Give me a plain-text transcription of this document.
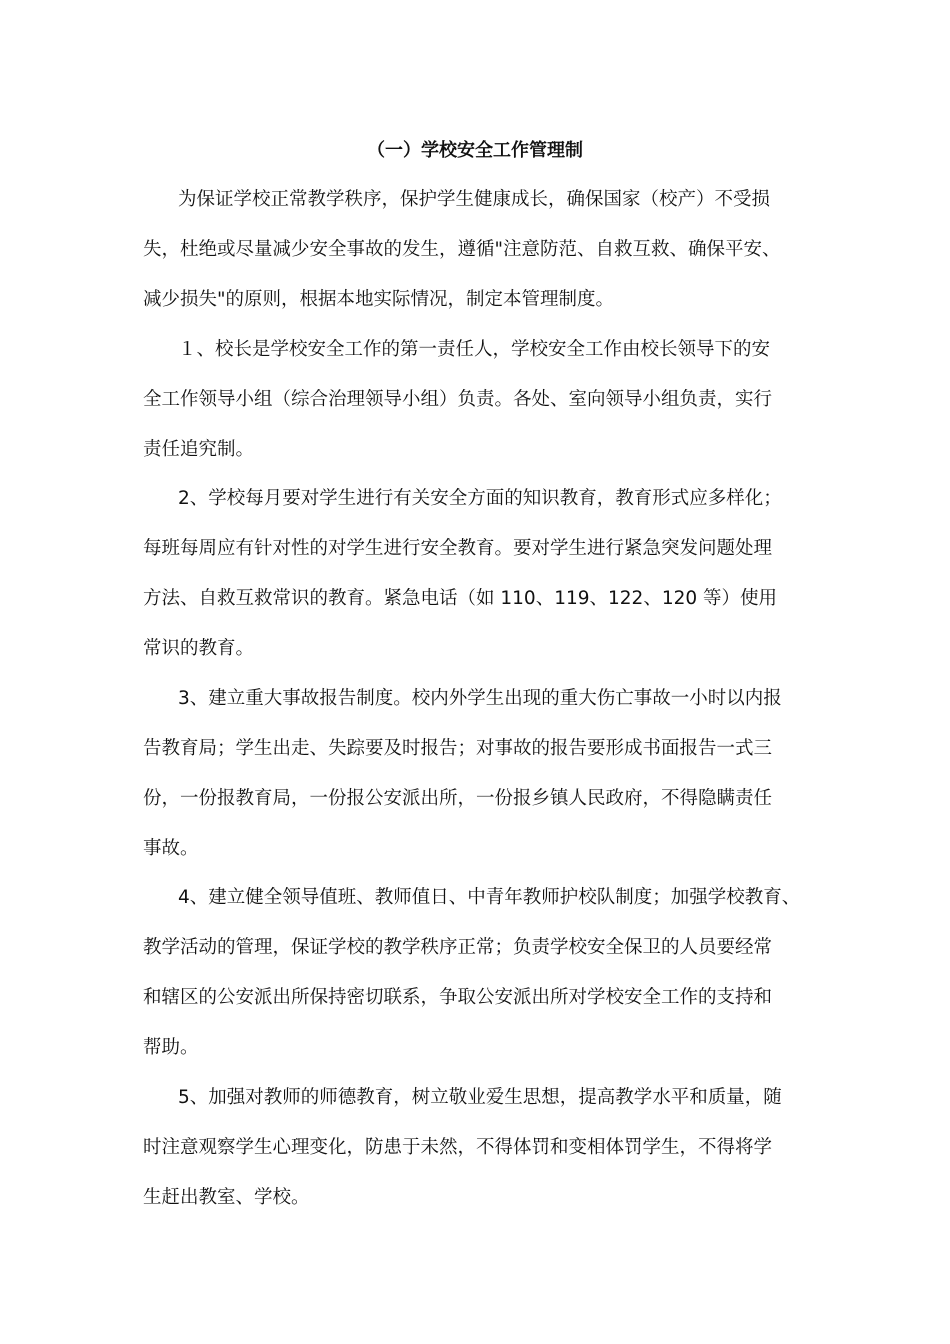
（一）学校安全工作管理制
为保证学校正常教学秩序，保护学生健康成长，确保国家（校产）不受损
失，杜绝或尽量减少安全事故的发生，遵循"注意防范、自救互救、确保平安、
减少损失"的原则，根据本地实际情况，制定本管理制度。
１、校长是学校安全工作的第一责任人，学校安全工作由校长领导下的安
全工作领导小组（综合治理领导小组）负责。各处、室向领导小组负责，实行
责任追究制。
2、学校每月要对学生进行有关安全方面的知识教育，教育形式应多样化；
每班每周应有针对性的对学生进行安全教育。要对学生进行紧急突发问题处理
方法、自救互救常识的教育。紧急电话（如 110、119、122、120 等）使用
常识的教育。
3、建立重大事故报告制度。校内外学生出现的重大伤亡事故一小时以内报
告教育局；学生出走、失踪要及时报告；对事故的报告要形成书面报告一式三
份，一份报教育局，一份报公安派出所，一份报乡镇人民政府，不得隐瞒责任
事故。
4、建立健全领导值班、教师值日、中青年教师护校队制度；加强学校教育、
教学活动的管理，保证学校的教学秩序正常；负责学校安全保卫的人员要经常
和辖区的公安派出所保持密切联系，争取公安派出所对学校安全工作的支持和
帮助。
5、加强对教师的师德教育，树立敬业爱生思想，提高教学水平和质量，随
时注意观察学生心理变化，防患于未然，不得体罚和变相体罚学生，不得将学
生赶出教室、学校。
